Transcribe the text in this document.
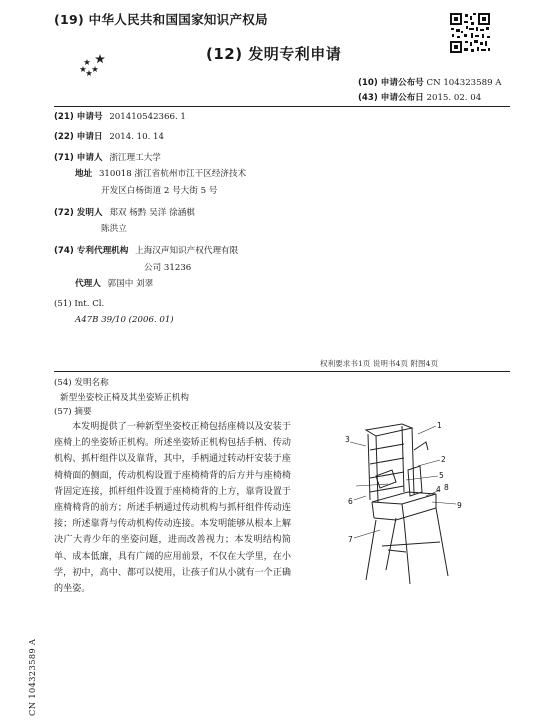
(19) 中华人民共和国国家知识产权局
(12) 发明专利申请
(10) 申请公布号 CN 104323589 A
(43) 申请公布日 2015. 02. 04
(21) 申请号 201410542366. 1
(22) 申请日 2014. 10. 14
(71) 申请人 浙江理工大学
地址 310018 浙江省杭州市江干区经济技术
开发区白杨街道 2 号大街 5 号
(72) 发明人 郑双 杨黔 吴洋 徐涵棋
陈洪立
(74) 专利代理机构 上海汉声知识产权代理有限
公司 31236
代理人 郭国中 刘翠
(51) Int. Cl.
A47B 39/10 (2006. 01)
权利要求书1页 说明书4页 附图4页
(54) 发明名称
新型坐姿校正椅及其坐姿矫正机构
(57) 摘要
本发明提供了一种新型坐姿校正椅包括座椅以及安装于座椅上的坐姿矫正机构。所述坐姿矫正机构包括手柄、传动机构、抓杆组件以及靠背，其中，手柄通过转动杆安装于座椅椅面的侧面，传动机构设置于座椅椅背的后方并与座椅椅背固定连接，抓杆组件设置于座椅椅背的上方，靠背设置于座椅椅背的前方；所述手柄通过传动机构与抓杆组件传动连接；所述靠背与传动机构传动连接。本发明能够从根本上解决广大青少年的坐姿问题，进而改善视力；本发明结构简单、成本低廉，具有广阔的应用前景，不仅在大学里，在小学，初中，高中、都可以使用，让孩子们从小就有一个正确的坐姿。
1
2
3
4
5
6
7
8
9
CN 104323589 A
